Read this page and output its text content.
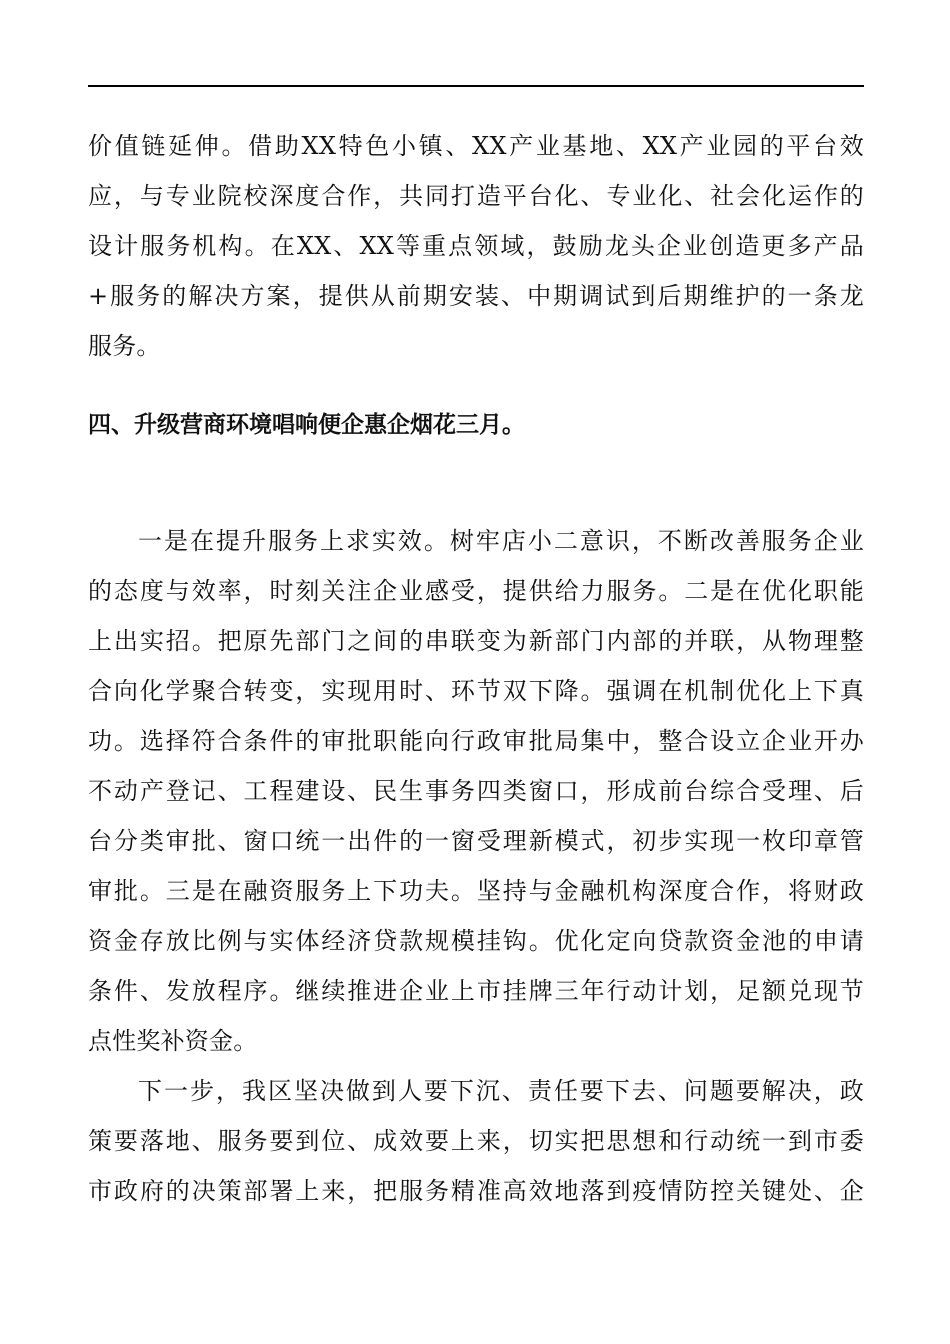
价值链延伸。借助XX特色小镇、XX产业基地、XX产业园的平台效
应，与专业院校深度合作，共同打造平台化、专业化、社会化运作的
设计服务机构。在XX、XX等重点领域，鼓励龙头企业创造更多产品
+服务的解决方案，提供从前期安装、中期调试到后期维护的一条龙
服务。
四、升级营商环境唱响便企惠企烟花三月。
一是在提升服务上求实效。树牢店小二意识，不断改善服务企业
的态度与效率，时刻关注企业感受，提供给力服务。二是在优化职能
上出实招。把原先部门之间的串联变为新部门内部的并联，从物理整
合向化学聚合转变，实现用时、环节双下降。强调在机制优化上下真
功。选择符合条件的审批职能向行政审批局集中，整合设立企业开办
不动产登记、工程建设、民生事务四类窗口，形成前台综合受理、后
台分类审批、窗口统一出件的一窗受理新模式，初步实现一枚印章管
审批。三是在融资服务上下功夫。坚持与金融机构深度合作，将财政
资金存放比例与实体经济贷款规模挂钩。优化定向贷款资金池的申请
条件、发放程序。继续推进企业上市挂牌三年行动计划，足额兑现节
点性奖补资金。
下一步，我区坚决做到人要下沉、责任要下去、问题要解决，政
策要落地、服务要到位、成效要上来，切实把思想和行动统一到市委
市政府的决策部署上来，把服务精准高效地落到疫情防控关键处、企
